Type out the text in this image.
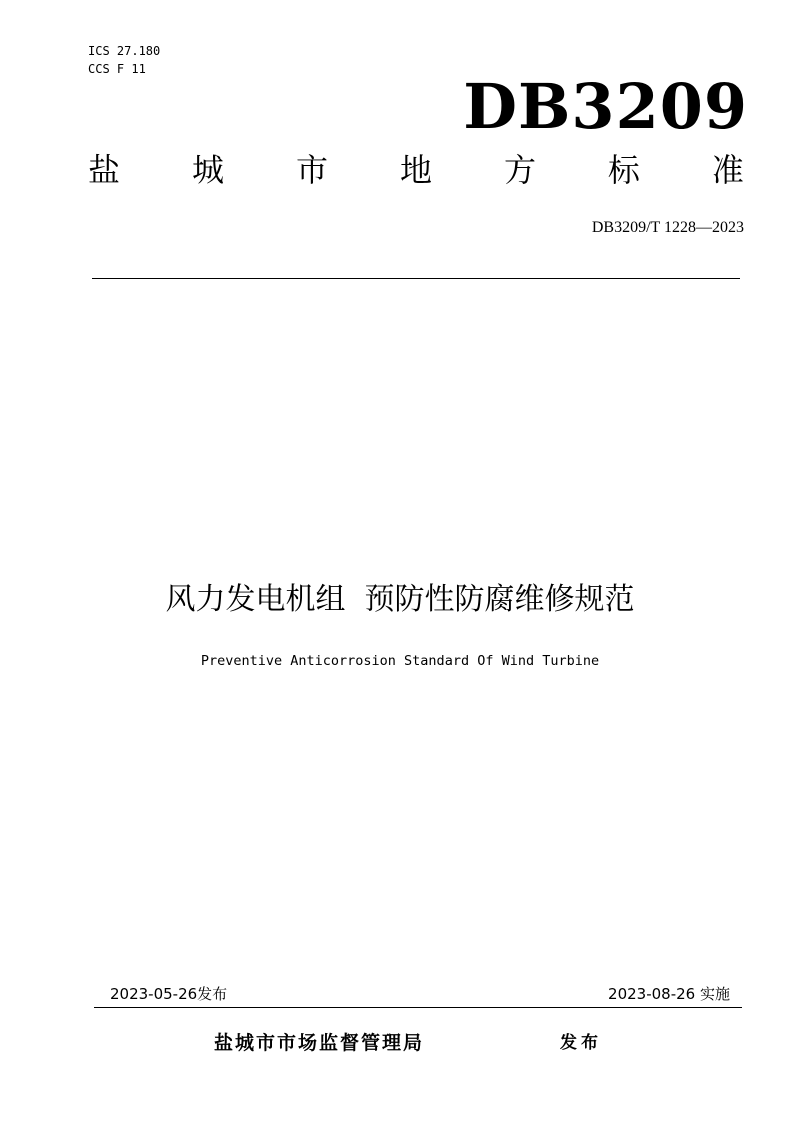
ICS 27.180
CCS F 11
DB3209
盐 城 市 地 方 标 准
DB3209/T 1228—2023
风力发电机组  预防性防腐维修规范
Preventive Anticorrosion Standard Of Wind Turbine
2023-05-26发布	2023-08-26 实施
盐城市市场监督管理局	发布
